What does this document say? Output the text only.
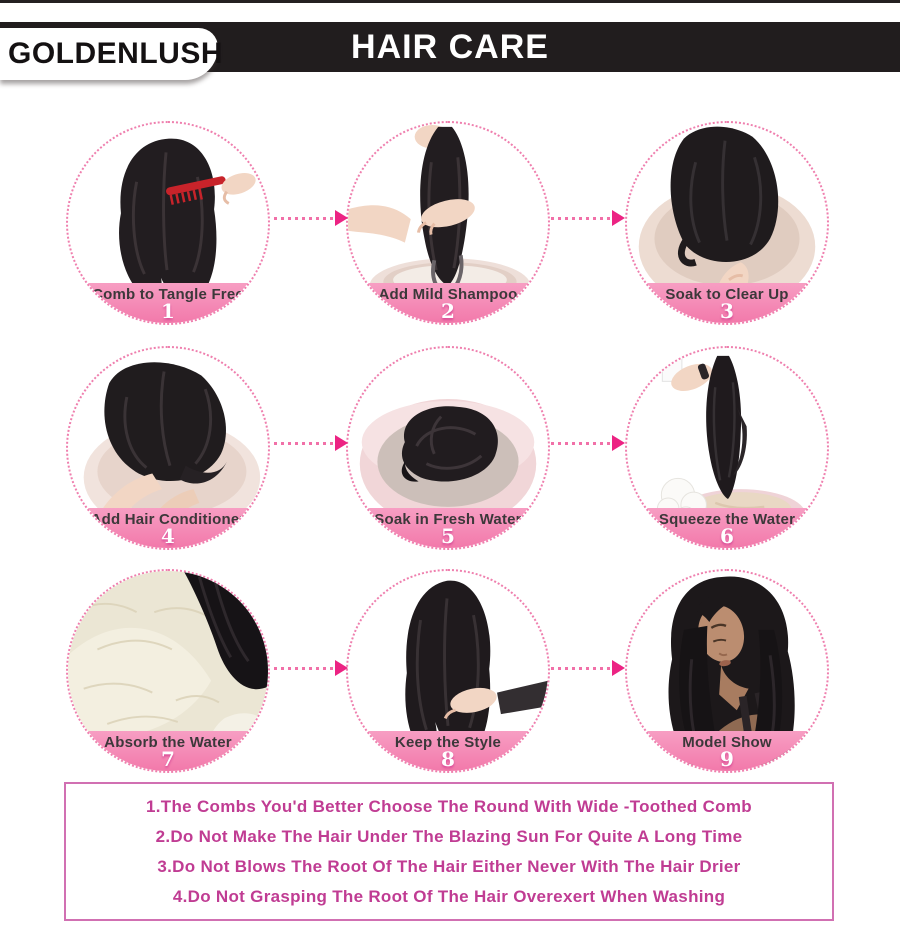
HAIR CARE
GOLDENLUSH
Comb to Tangle Free
1
Add Mild Shampoo
2
Soak to Clear Up
3
Add Hair Conditioner
4
Soak in Fresh Water
5
Squeeze the Water
6
Absorb the Water
7
Keep the Style
8
Model Show
9

1.The Combs You'd Better Choose The Round With Wide -Toothed Comb

2.Do Not Make The Hair Under The Blazing Sun For Quite A Long Time

3.Do Not Blows The Root Of The Hair Either Never With The Hair Drier

4.Do Not Grasping The Root Of The Hair Overexert When Washing
